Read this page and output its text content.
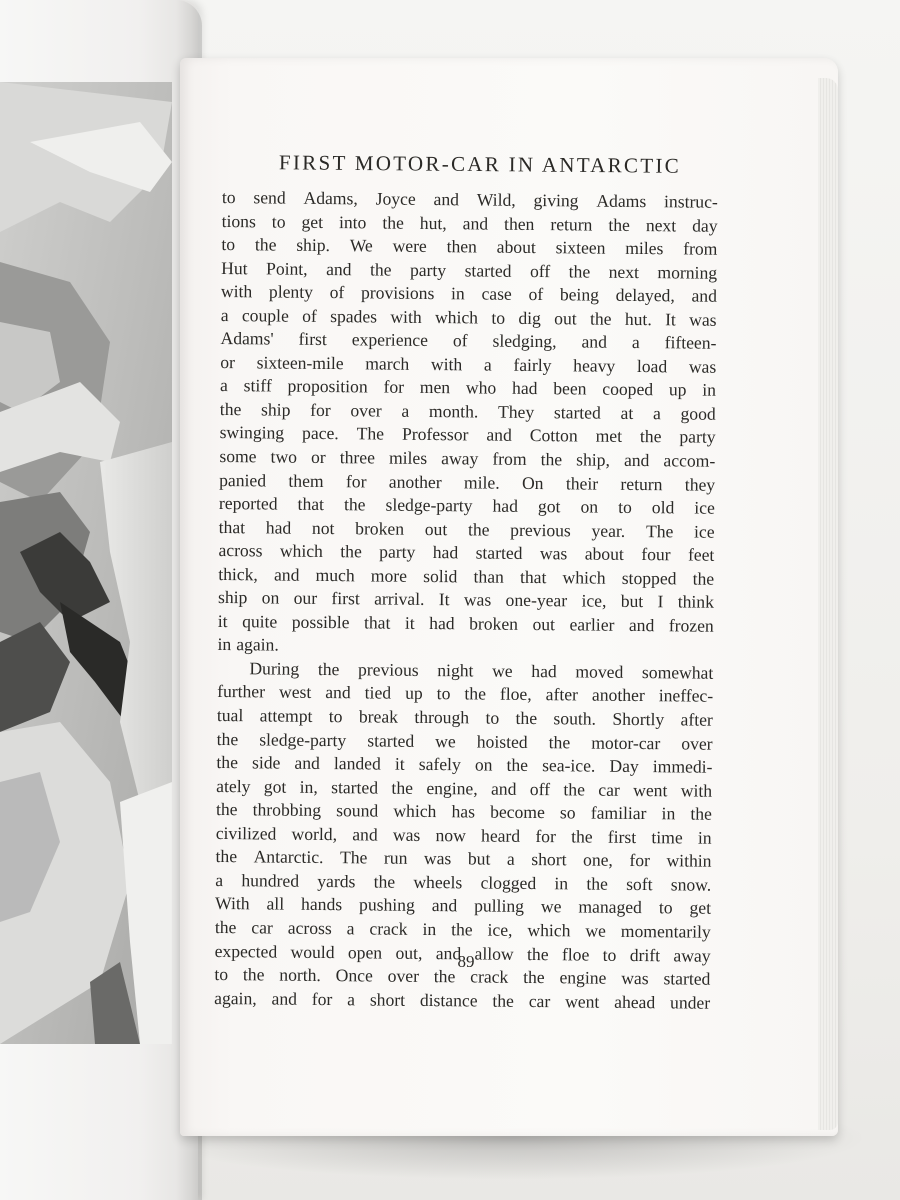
FIRST MOTOR-CAR IN ANTARCTIC
to send Adams, Joyce and Wild, giving Adams instruc-
tions to get into the hut, and then return the next day
to the ship. We were then about sixteen miles from
Hut Point, and the party started off the next morning
with plenty of provisions in case of being delayed, and
a couple of spades with which to dig out the hut. It was
Adams' first experience of sledging, and a fifteen-
or sixteen-mile march with a fairly heavy load was
a stiff proposition for men who had been cooped up in
the ship for over a month. They started at a good
swinging pace. The Professor and Cotton met the party
some two or three miles away from the ship, and accom-
panied them for another mile. On their return they
reported that the sledge-party had got on to old ice
that had not broken out the previous year. The ice
across which the party had started was about four feet
thick, and much more solid than that which stopped the
ship on our first arrival. It was one-year ice, but I think
it quite possible that it had broken out earlier and frozen
in again.
During the previous night we had moved somewhat
further west and tied up to the floe, after another ineffec-
tual attempt to break through to the south. Shortly after
the sledge-party started we hoisted the motor-car over
the side and landed it safely on the sea-ice. Day immedi-
ately got in, started the engine, and off the car went with
the throbbing sound which has become so familiar in the
civilized world, and was now heard for the first time in
the Antarctic. The run was but a short one, for within
a hundred yards the wheels clogged in the soft snow.
With all hands pushing and pulling we managed to get
the car across a crack in the ice, which we momentarily
expected would open out, and allow the floe to drift away
to the north. Once over the crack the engine was started
again, and for a short distance the car went ahead under
89
